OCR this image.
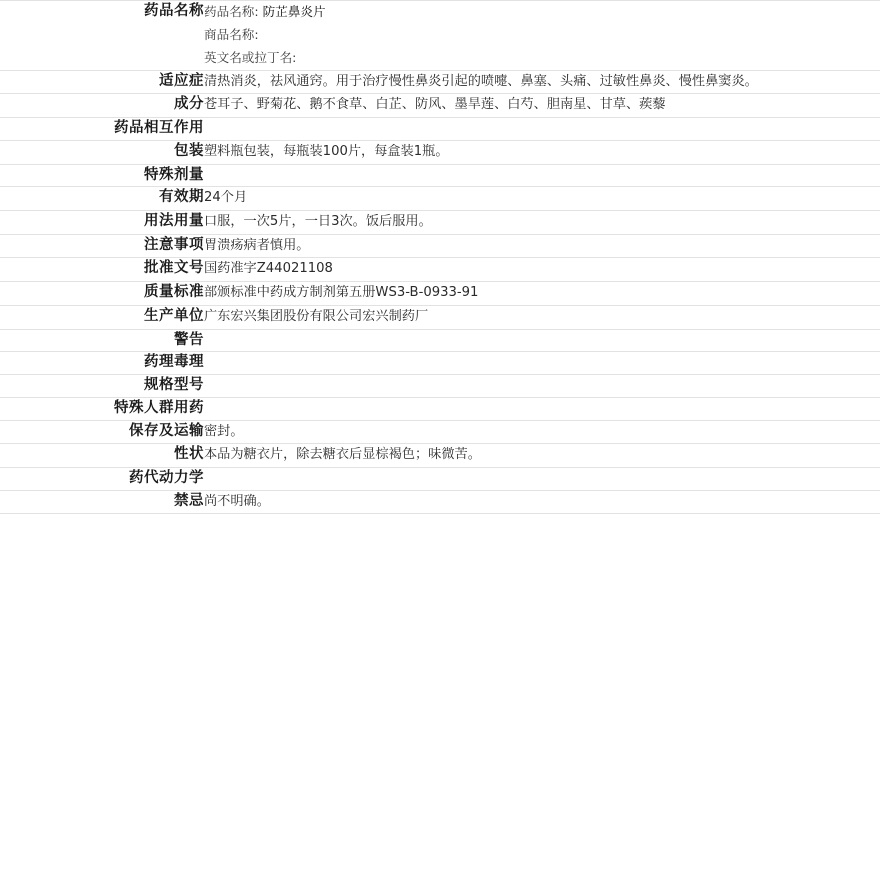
药品名称	药品名称: 防芷鼻炎片
商品名称:
英文名或拉丁名:

适应症	清热消炎，祛风通窍。用于治疗慢性鼻炎引起的喷嚏、鼻塞、头痛、过敏性鼻炎、慢性鼻窦炎。

成分	苍耳子、野菊花、鹅不食草、白芷、防风、墨旱莲、白芍、胆南星、甘草、蒺藜

药品相互作用	

包装	塑料瓶包装，每瓶装100片，每盒装1瓶。

特殊剂量	

有效期	24个月

用法用量	口服，一次5片，一日3次。饭后服用。

注意事项	胃溃疡病者慎用。

批准文号	国药准字Z44021108

质量标准	部颁标准中药成方制剂第五册WS3-B-0933-91

生产单位	广东宏兴集团股份有限公司宏兴制药厂

警告	

药理毒理	

规格型号	

特殊人群用药	

保存及运输	密封。

性状	本品为糖衣片，除去糖衣后显棕褐色；味微苦。

药代动力学	

禁忌	尚不明确。
